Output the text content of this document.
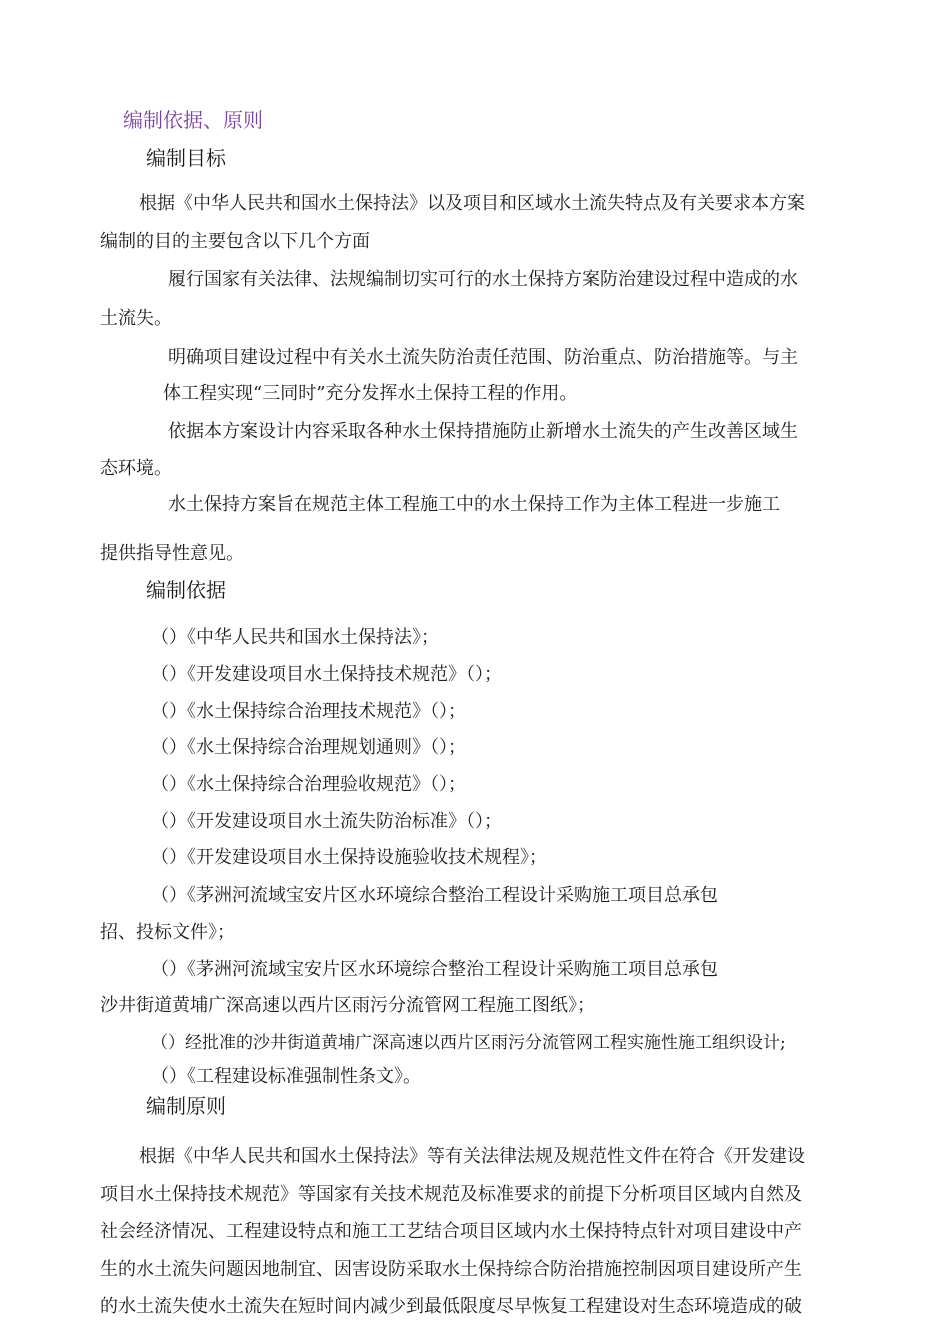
编制依据、原则
编制目标
根据《中华人民共和国水土保持法》以及项目和区域水土流失特点及有关要求本方案
编制的目的主要包含以下几个方面
履行国家有关法律、法规编制切实可行的水土保持方案防治建设过程中造成的水
土流失。
明确项目建设过程中有关水土流失防治责任范围、防治重点、防治措施等。与主
体工程实现“三同时”充分发挥水土保持工程的作用。
依据本方案设计内容采取各种水土保持措施防止新增水土流失的产生改善区域生
态环境。
水土保持方案旨在规范主体工程施工中的水土保持工作为主体工程进一步施工
提供指导性意见。
编制依据
（）《中华人民共和国水土保持法》；
（）《开发建设项目水土保持技术规范》（）；
（）《水土保持综合治理技术规范》（）；
（）《水土保持综合治理规划通则》（）；
（）《水土保持综合治理验收规范》（）；
（）《开发建设项目水土流失防治标准》（）；
（）《开发建设项目水土保持设施验收技术规程》；
（）《茅洲河流域宝安片区水环境综合整治工程设计采购施工项目总承包
招、投标文件》；
（）《茅洲河流域宝安片区水环境综合整治工程设计采购施工项目总承包
沙井街道黄埔广深高速以西片区雨污分流管网工程施工图纸》；
（）经批准的沙井街道黄埔广深高速以西片区雨污分流管网工程实施性施工组织设计;
（）《工程建设标准强制性条文》。
编制原则
根据《中华人民共和国水土保持法》等有关法律法规及规范性文件在符合《开发建设
项目水土保持技术规范》等国家有关技术规范及标准要求的前提下分析项目区域内自然及
社会经济情况、工程建设特点和施工工艺结合项目区域内水土保持特点针对项目建设中产
生的水土流失问题因地制宜、因害设防采取水土保持综合防治措施控制因项目建设所产生
的水土流失使水土流失在短时间内减少到最低限度尽早恢复工程建设对生态环境造成的破
